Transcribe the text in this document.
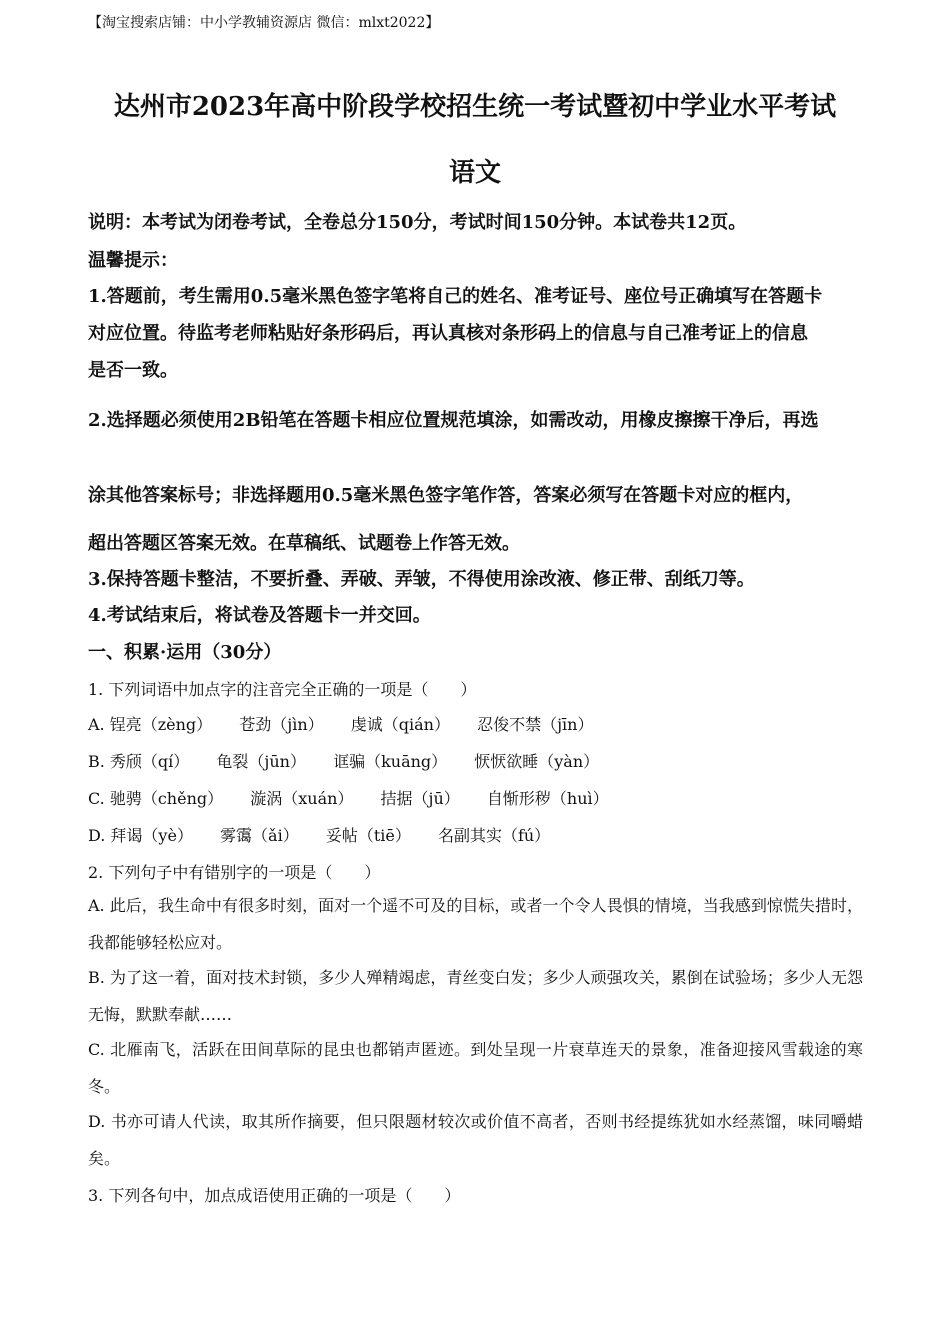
【淘宝搜索店铺：中小学教辅资源店 微信：mlxt2022】
达州市2023年高中阶段学校招生统一考试暨初中学业水平考试
语文
说明：本考试为闭卷考试，全卷总分150分，考试时间150分钟。本试卷共12页。
温馨提示：
1.答题前，考生需用0.5毫米黑色签字笔将自己的姓名、准考证号、座位号正确填写在答题卡
对应位置。待监考老师粘贴好条形码后，再认真核对条形码上的信息与自己准考证上的信息
是否一致。
2.选择题必须使用2B铅笔在答题卡相应位置规范填涂，如需改动，用橡皮擦擦干净后，再选
涂其他答案标号；非选择题用0.5毫米黑色签字笔作答，答案必须写在答题卡对应的框内，
超出答题区答案无效。在草稿纸、试题卷上作答无效。
3.保持答题卡整洁，不要折叠、弄破、弄皱，不得使用涂改液、修正带、刮纸刀等。
4.考试结束后，将试卷及答题卡一并交回。
一、积累·运用（30分）
1. 下列词语中加点字的注音完全正确的一项是（　　）
A. 锃亮（zèng） 苍劲（jìn） 虔诚（qián） 忍俊不禁（jīn）
B. 秀颀（qí） 龟裂（jūn） 诓骗（kuāng） 恹恹欲睡（yàn）
C. 驰骋（chěng） 漩涡（xuán） 拮据（jū） 自惭形秽（huì）
D. 拜谒（yè） 雾霭（ǎi） 妥帖（tiē） 名副其实（fú）
2. 下列句子中有错别字的一项是（　　）
A. 此后，我生命中有很多时刻，面对一个遥不可及的目标，或者一个令人畏惧的情境，当我感到惊慌失措时，我都能够轻松应对。
B. 为了这一着，面对技术封锁，多少人殚精竭虑，青丝变白发；多少人顽强攻关，累倒在试验场；多少人无怨无悔，默默奉献……
C. 北雁南飞，活跃在田间草际的昆虫也都销声匿迹。到处呈现一片衰草连天的景象，准备迎接风雪载途的寒冬。
D. 书亦可请人代读，取其所作摘要，但只限题材较次或价值不高者，否则书经提练犹如水经蒸馏，味同嚼蜡矣。
3. 下列各句中，加点成语使用正确的一项是（　　）
